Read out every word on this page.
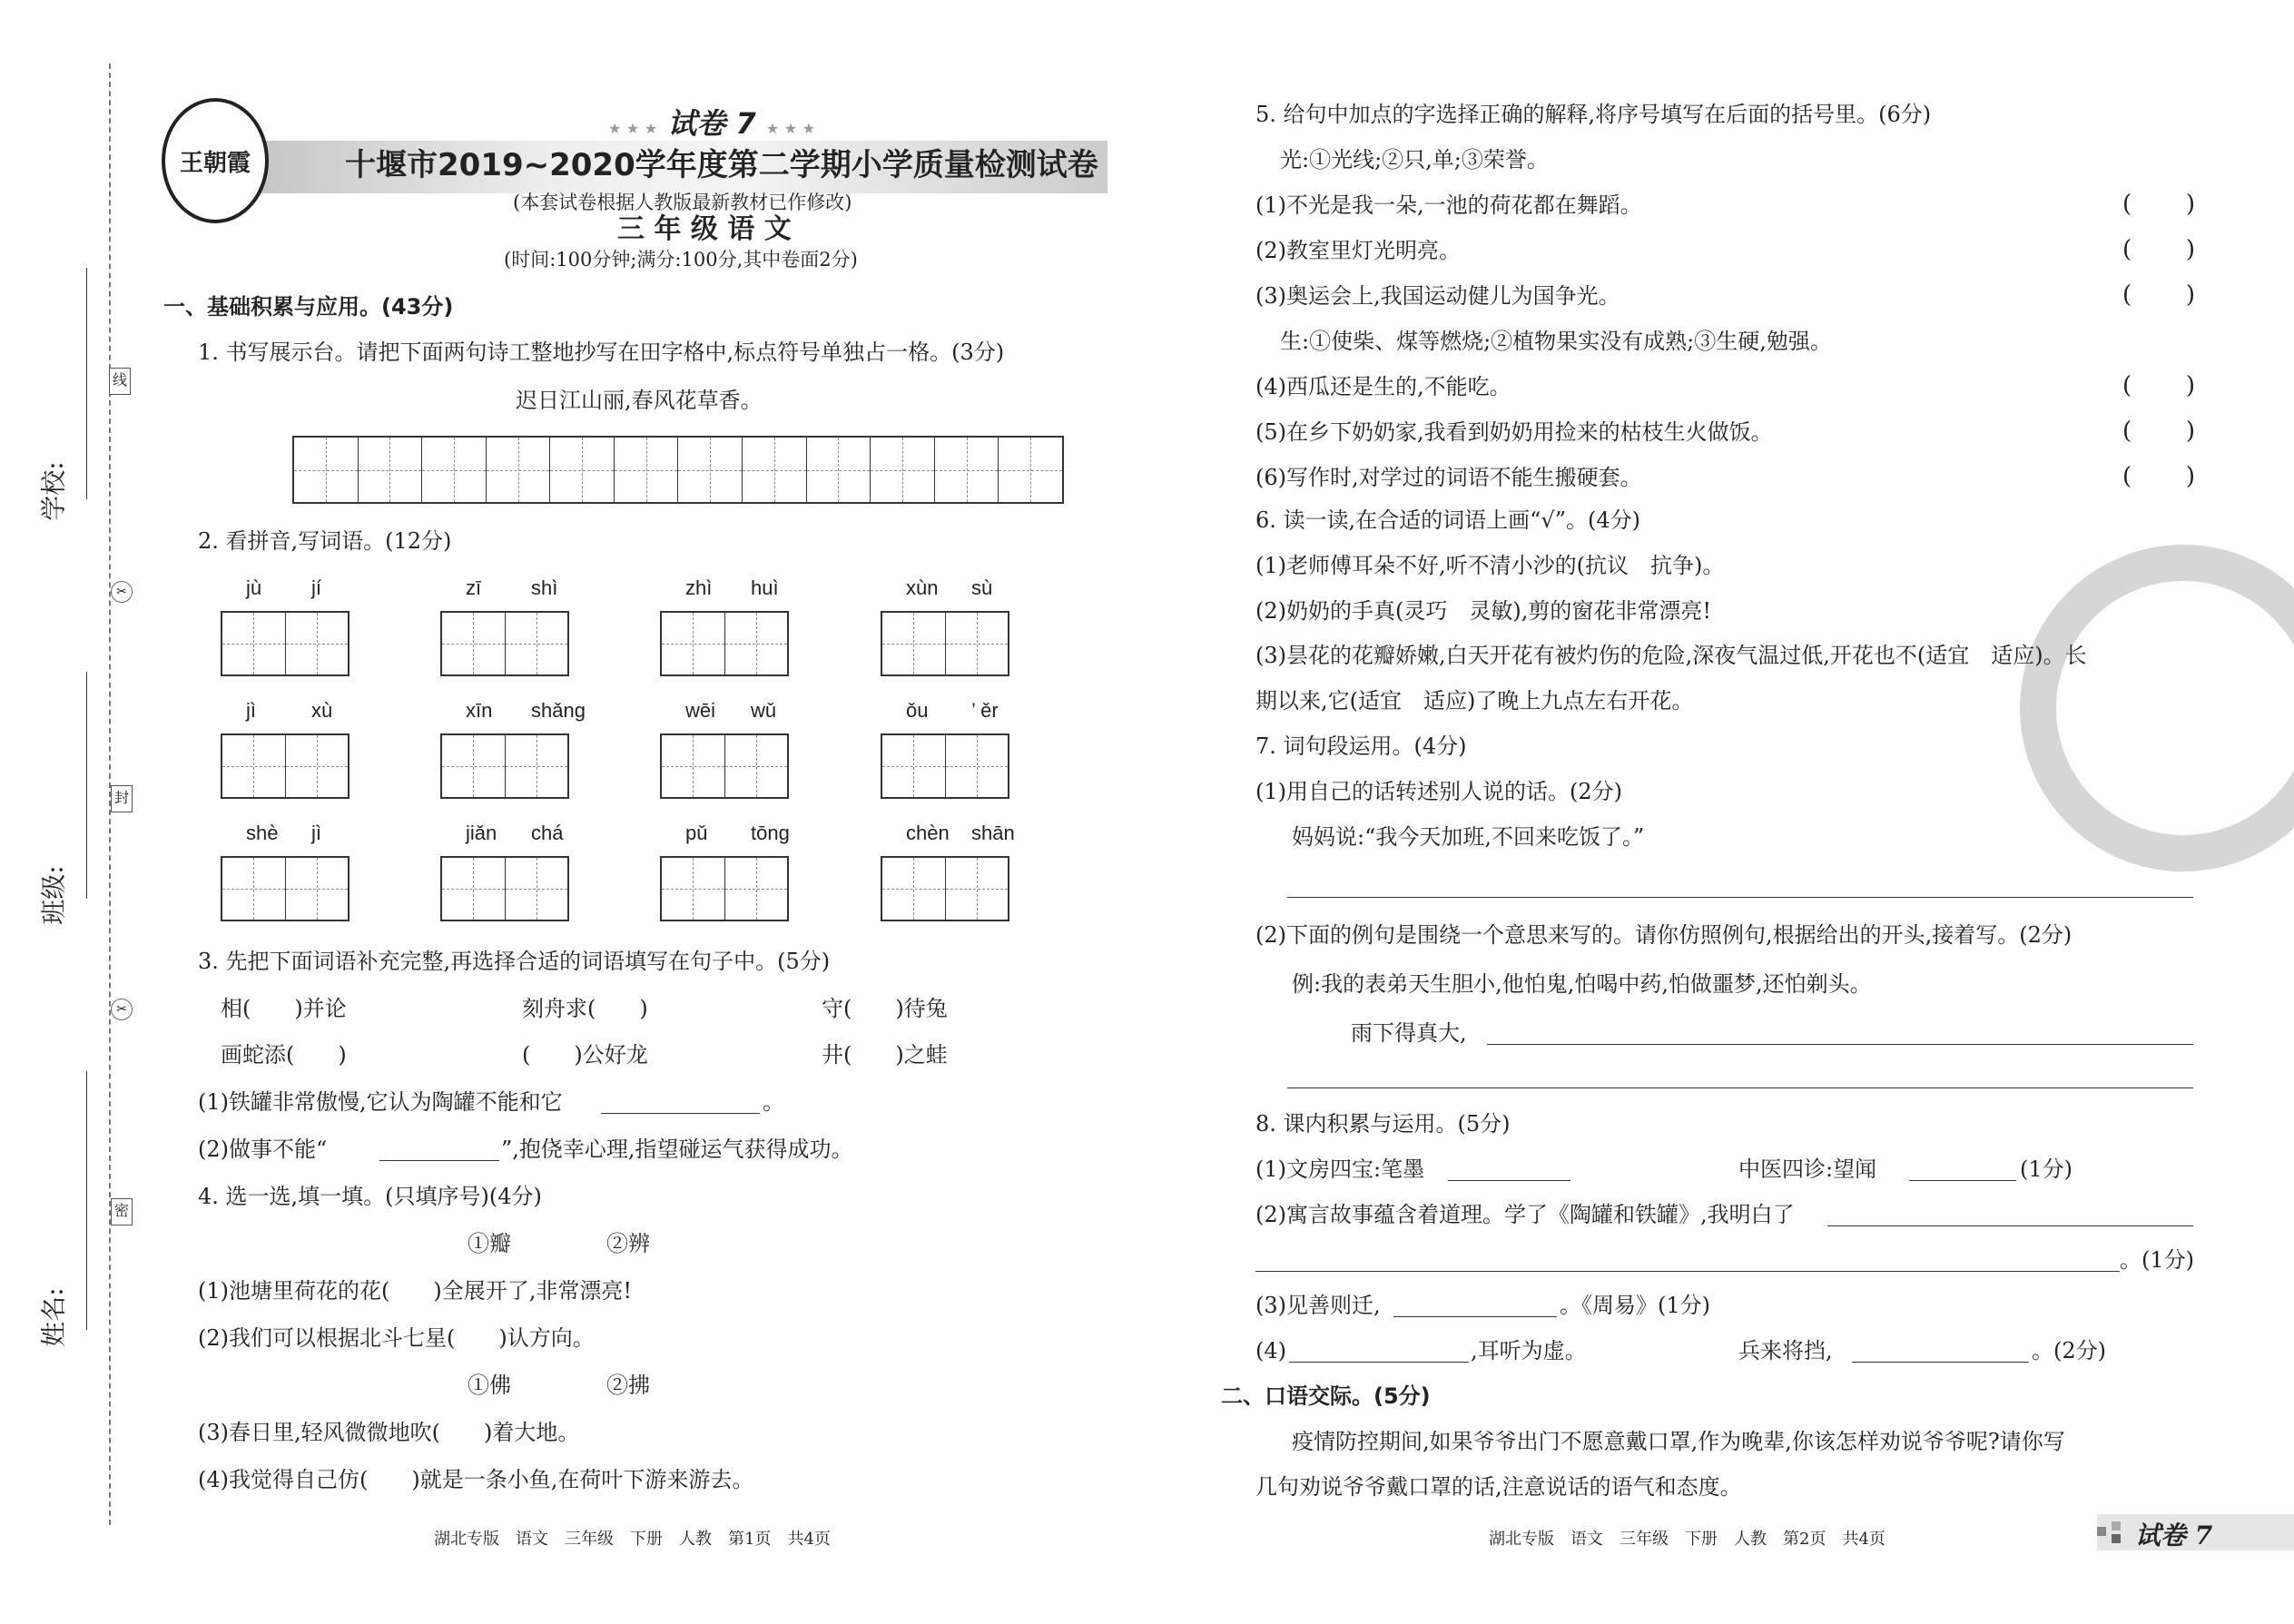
学校:
线
✂
班级:
封
✂
姓名:
密
王朝霞
★ ★ ★ 试卷 7 ★ ★ ★
十堰市2019~2020学年度第二学期小学质量检测试卷
(本套试卷根据人教版最新教材已作修改)
三 年 级 语 文
(时间:100分钟;满分:100分,其中卷面2分)
一、基础积累与应用。(43分)
1. 书写展示台。请把下面两句诗工整地抄写在田字格中,标点符号单独占一格。(3分)
迟日江山丽,春风花草香。
2. 看拼音,写词语。(12分)
jù jí	zī shì	zhì huì	xùn sù
jì	xù	xīn shǎng	wēi wǔ	ǒu ’ ěr
shè jì	jiǎn chá	pǔ tōng	chèn shān
3. 先把下面词语补充完整,再选择合适的词语填写在句子中。(5分)
相(　　)并论	刻舟求(　　)	守(　　)待兔
画蛇添(　　)	(　　)公好龙	井(　　)之蛙
(1)铁罐非常傲慢,它认为陶罐不能和它	。
(2)做事不能“	”,抱侥幸心理,指望碰运气获得成功。
4. 选一选,填一填。(只填序号)(4分)
①瓣	②辨
(1)池塘里荷花的花(　　)全展开了,非常漂亮!
(2)我们可以根据北斗七星(　　)认方向。
①佛	②拂
(3)春日里,轻风微微地吹(　　)着大地。
(4)我觉得自己仿(　　)就是一条小鱼,在荷叶下游来游去。
湖北专版　语文　三年级　下册　人教　第1页　共4页
5. 给句中加点的字选择正确的解释,将序号填写在后面的括号里。(6分)
光:①光线;②只,单;③荣誉。
(1)不光是我一朵,一池的荷花都在舞蹈。	( )
(2)教室里灯光明亮。	( )
(3)奥运会上,我国运动健儿为国争光。	( )
生:①使柴、煤等燃烧;②植物果实没有成熟;③生硬,勉强。
(4)西瓜还是生的,不能吃。	( )
(5)在乡下奶奶家,我看到奶奶用捡来的枯枝生火做饭。	( )
(6)写作时,对学过的词语不能生搬硬套。	( )
6. 读一读,在合适的词语上画“√”。(4分)
(1)老师傅耳朵不好,听不清小沙的(抗议　抗争)。
(2)奶奶的手真(灵巧　灵敏),剪的窗花非常漂亮!
(3)昙花的花瓣娇嫩,白天开花有被灼伤的危险,深夜气温过低,开花也不(适宜　适应)。长
期以来,它(适宜　适应)了晚上九点左右开花。
7. 词句段运用。(4分)
(1)用自己的话转述别人说的话。(2分)
妈妈说:“我今天加班,不回来吃饭了。”
(2)下面的例句是围绕一个意思来写的。请你仿照例句,根据给出的开头,接着写。(2分)
例:我的表弟天生胆小,他怕鬼,怕喝中药,怕做噩梦,还怕剃头。
雨下得真大,
8. 课内积累与运用。(5分)
(1)文房四宝:笔墨	中医四诊:望闻	(1分)
(2)寓言故事蕴含着道理。学了《陶罐和铁罐》,我明白了
。(1分)
(3)见善则迁,	。《周易》(1分)
(4)	,耳听为虚。	兵来将挡,	。(2分)
二、口语交际。(5分)
疫情防控期间,如果爷爷出门不愿意戴口罩,作为晚辈,你该怎样劝说爷爷呢?请你写
几句劝说爷爷戴口罩的话,注意说话的语气和态度。
湖北专版　语文　三年级　下册　人教　第2页　共4页	试卷 7
